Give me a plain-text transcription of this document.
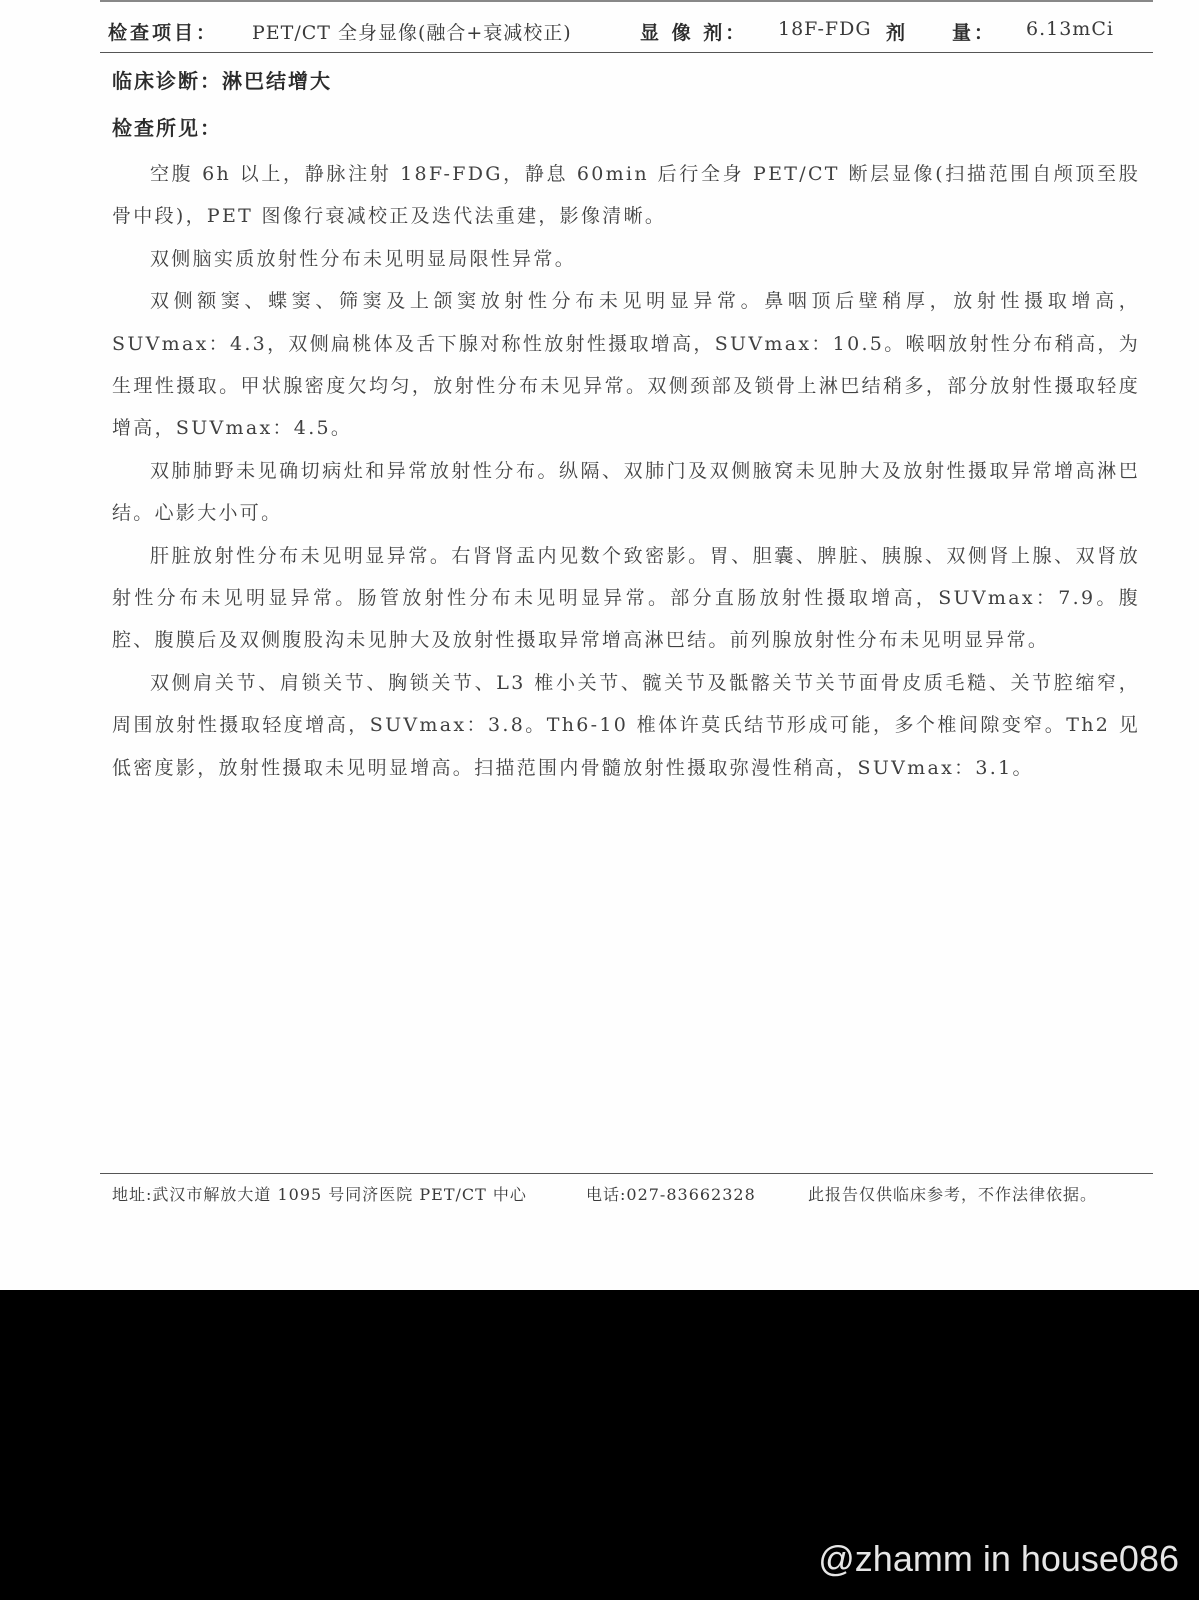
检查项目： PET/CT 全身显像(融合+衰减校正)	显 像 剂： 18F-FDG 剂　　量： 6.13mCi
临床诊断：淋巴结增大
检查所见：

空腹 6h 以上，静脉注射 18F-FDG，静息 60min 后行全身 PET/CT 断层显像(扫描范围自颅顶至股骨中段)，PET 图像行衰减校正及迭代法重建，影像清晰。

双侧脑实质放射性分布未见明显局限性异常。

双侧额窦、蝶窦、筛窦及上颌窦放射性分布未见明显异常。鼻咽顶后壁稍厚，放射性摄取增高，SUVmax：4.3，双侧扁桃体及舌下腺对称性放射性摄取增高，SUVmax：10.5。喉咽放射性分布稍高，为生理性摄取。甲状腺密度欠均匀，放射性分布未见异常。双侧颈部及锁骨上淋巴结稍多，部分放射性摄取轻度增高，SUVmax：4.5。

双肺肺野未见确切病灶和异常放射性分布。纵隔、双肺门及双侧腋窝未见肿大及放射性摄取异常增高淋巴结。心影大小可。

肝脏放射性分布未见明显异常。右肾肾盂内见数个致密影。胃、胆囊、脾脏、胰腺、双侧肾上腺、双肾放射性分布未见明显异常。肠管放射性分布未见明显异常。部分直肠放射性摄取增高，SUVmax：7.9。腹腔、腹膜后及双侧腹股沟未见肿大及放射性摄取异常增高淋巴结。前列腺放射性分布未见明显异常。

双侧肩关节、肩锁关节、胸锁关节、L3 椎小关节、髋关节及骶髂关节关节面骨皮质毛糙、关节腔缩窄，周围放射性摄取轻度增高，SUVmax：3.8。Th6-10 椎体许莫氏结节形成可能，多个椎间隙变窄。Th2 见低密度影，放射性摄取未见明显增高。扫描范围内骨髓放射性摄取弥漫性稍高，SUVmax：3.1。

地址:武汉市解放大道 1095 号同济医院 PET/CT 中心	电话:027-83662328	此报告仅供临床参考，不作法律依据。
@zhamm in house086
